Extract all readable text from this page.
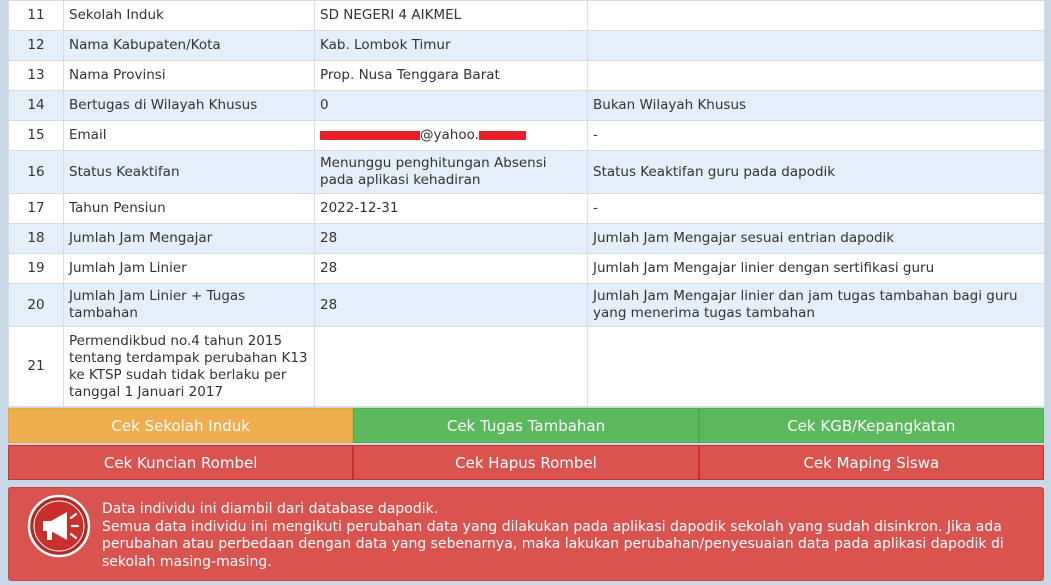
11	Sekolah Induk	SD NEGERI 4 AIKMEL	
12	Nama Kabupaten/Kota	Kab. Lombok Timur	
13	Nama Provinsi	Prop. Nusa Tenggara Barat	
14	Bertugas di Wilayah Khusus	0	Bukan Wilayah Khusus
15	Email	@yahoo.	-
16	Status Keaktifan	Menunggu penghitungan Absensi pada aplikasi kehadiran	Status Keaktifan guru pada dapodik
17	Tahun Pensiun	2022-12-31	-
18	Jumlah Jam Mengajar	28	Jumlah Jam Mengajar sesuai entrian dapodik
19	Jumlah Jam Linier	28	Jumlah Jam Mengajar linier dengan sertifikasi guru
20	Jumlah Jam Linier + Tugas tambahan	28	Jumlah Jam Mengajar linier dan jam tugas tambahan bagi guru yang menerima tugas tambahan
21	Permendikbud no.4 tahun 2015 tentang terdampak perubahan K13 ke KTSP sudah tidak berlaku per tanggal 1 Januari 2017		
Cek Sekolah Induk	Cek Tugas Tambahan	Cek KGB/Kepangkatan
Cek Kuncian Rombel	Cek Hapus Rombel	Cek Maping Siswa
Data individu ini diambil dari database dapodik.
Semua data individu ini mengikuti perubahan data yang dilakukan pada aplikasi dapodik sekolah yang sudah disinkron. Jika ada perubahan atau perbedaan dengan data yang sebenarnya, maka lakukan perubahan/penyesuaian data pada aplikasi dapodik di sekolah masing-masing.
